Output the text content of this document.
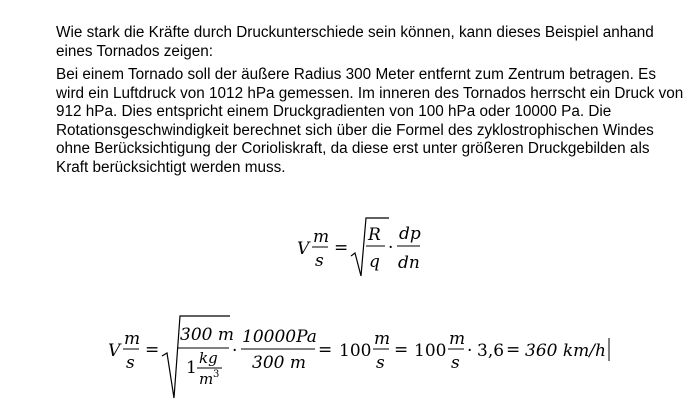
Wie stark die Kräfte durch Druckunterschiede sein können, kann dieses Beispiel anhand eines Tornados zeigen:

Bei einem Tornado soll der äußere Radius 300 Meter entfernt zum Zentrum betragen. Es wird ein Luftdruck von 1012 hPa gemessen. Im inneren des Tornados herrscht ein Druck von 912 hPa. Dies entspricht einem Druckgradienten von 100 hPa oder 10000 Pa. Die Rotationsgeschwindigkeit berechnet sich über die Formel des zyklostrophischen Windes ohne Berücksichtigung der Corioliskraft, da diese erst unter größeren Druckgebilden als Kraft berücksichtigt werden muss.

V
m
s
=
R
q
·
dp
dn
V
m
s
=
300 m
1 kg
m 3
·
10000Pa
300 m
= 100
m
s
= 100
m
s
· 3,6 = 360 km/h
